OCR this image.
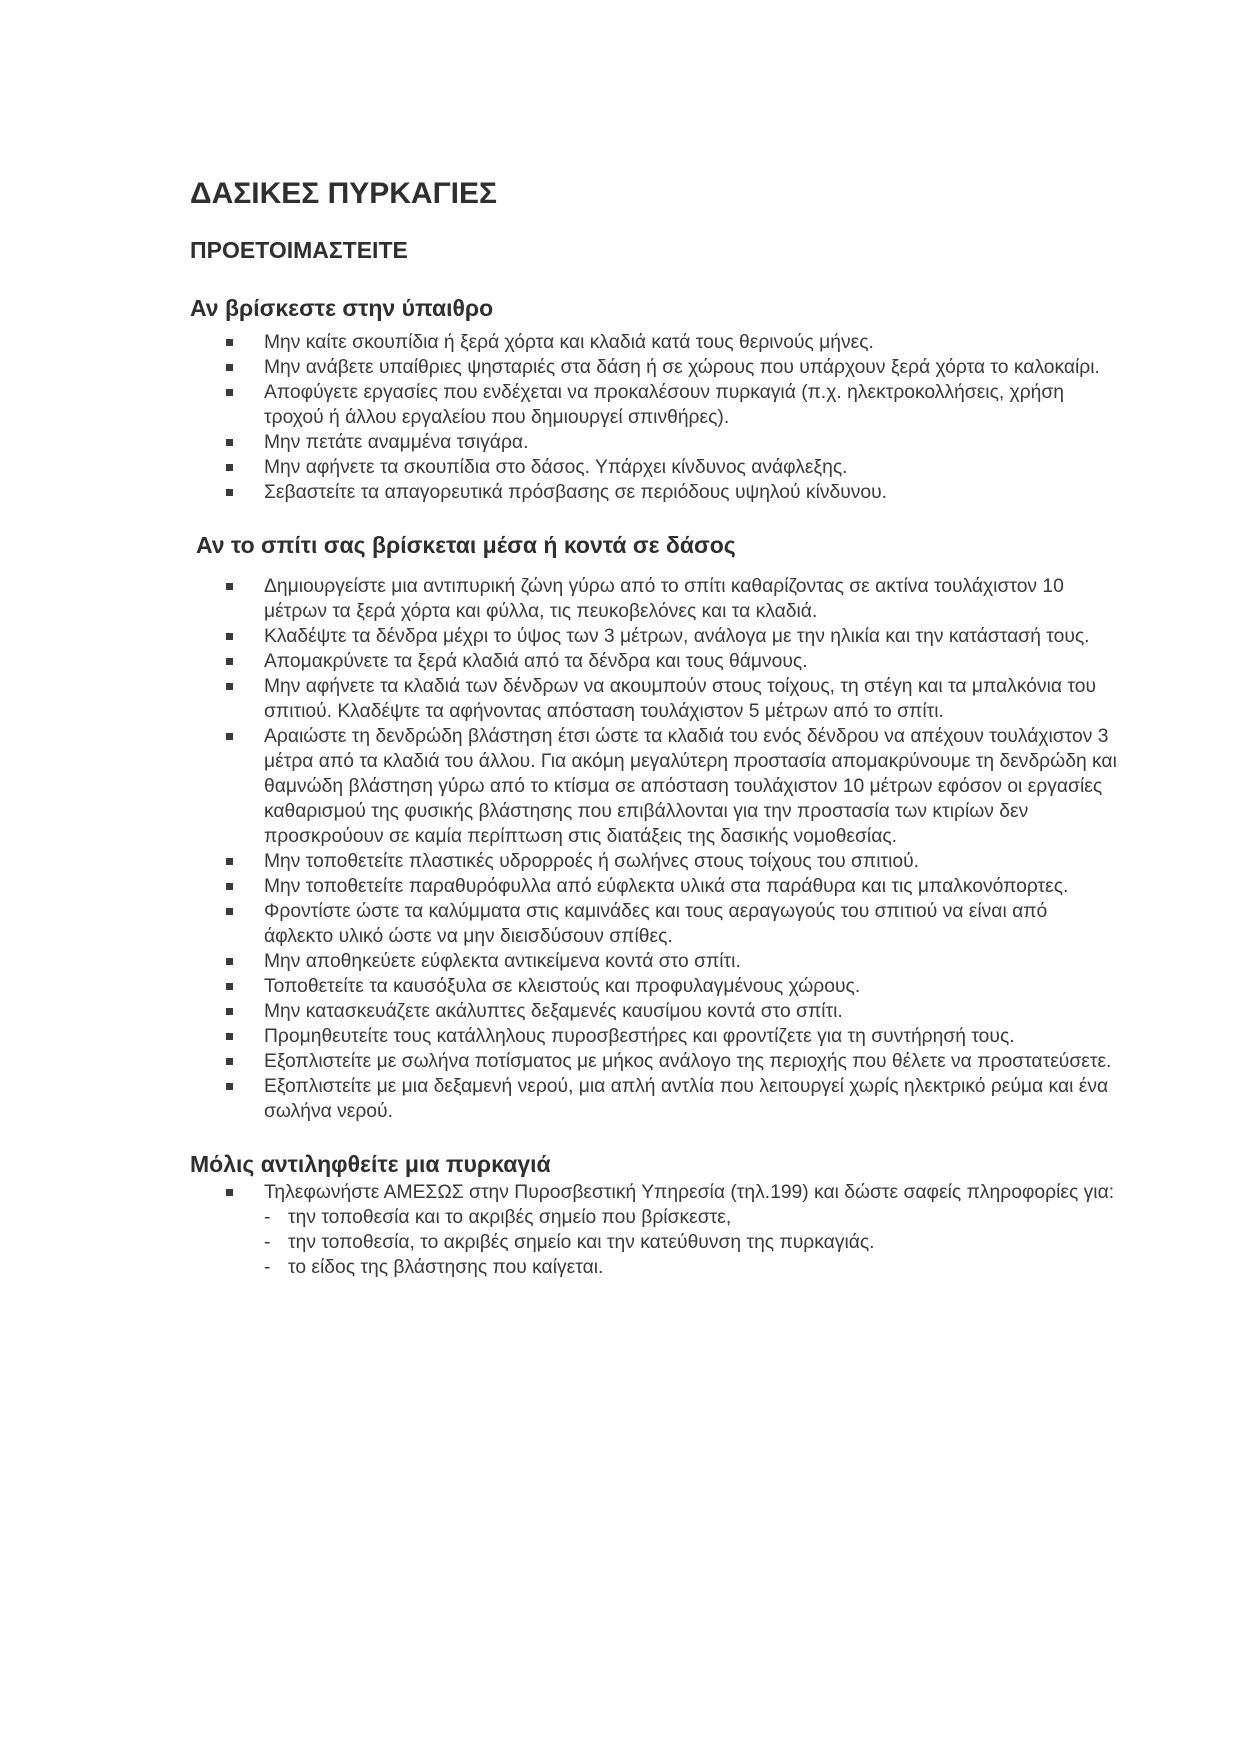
ΔΑΣΙΚΕΣ ΠΥΡΚΑΓΙΕΣ
ΠΡΟΕΤΟΙΜΑΣΤΕΙΤΕ
Αν βρίσκεστε στην ύπαιθρο
Μην καίτε σκουπίδια ή ξερά χόρτα και κλαδιά κατά τους θερινούς μήνες.
Μην ανάβετε υπαίθριες ψησταριές στα δάση ή σε χώρους που υπάρχουν ξερά χόρτα το καλοκαίρι.
Αποφύγετε εργασίες που ενδέχεται να προκαλέσουν πυρκαγιά (π.χ. ηλεκτροκολλήσεις, χρήση τροχού ή άλλου εργαλείου που δημιουργεί σπινθήρες).
Μην πετάτε αναμμένα τσιγάρα.
Μην αφήνετε τα σκουπίδια στο δάσος. Υπάρχει κίνδυνος ανάφλεξης.
Σεβαστείτε τα απαγορευτικά πρόσβασης σε περιόδους υψηλού κίνδυνου.
Αν το σπίτι σας βρίσκεται μέσα ή κοντά σε δάσος
Δημιουργείστε μια αντιπυρική ζώνη γύρω από το σπίτι καθαρίζοντας σε ακτίνα τουλάχιστον 10 μέτρων τα ξερά χόρτα και φύλλα, τις πευκοβελόνες και τα κλαδιά.
Κλαδέψτε τα δένδρα μέχρι το ύψος των 3 μέτρων, ανάλογα με την ηλικία και την κατάστασή τους.
Απομακρύνετε τα ξερά κλαδιά από τα δένδρα και τους θάμνους.
Μην αφήνετε τα κλαδιά των δένδρων να ακουμπούν στους τοίχους, τη στέγη και τα μπαλκόνια του σπιτιού. Κλαδέψτε τα αφήνοντας απόσταση τουλάχιστον 5 μέτρων από το σπίτι.
Αραιώστε τη δενδρώδη βλάστηση έτσι ώστε τα κλαδιά του ενός δένδρου να απέχουν τουλάχιστον 3 μέτρα από τα κλαδιά του άλλου. Για ακόμη μεγαλύτερη προστασία απομακρύνουμε τη δενδρώδη και θαμνώδη βλάστηση γύρω από το κτίσμα σε απόσταση τουλάχιστον 10 μέτρων εφόσον οι εργασίες καθαρισμού της φυσικής βλάστησης που επιβάλλονται για την προστασία των κτιρίων δεν προσκρούουν σε καμία περίπτωση στις διατάξεις της δασικής νομοθεσίας.
Μην τοποθετείτε πλαστικές υδρορροές ή σωλήνες στους τοίχους του σπιτιού.
Μην τοποθετείτε παραθυρόφυλλα από εύφλεκτα υλικά στα παράθυρα και τις μπαλκονόπορτες.
Φροντίστε ώστε τα καλύμματα στις καμινάδες και τους αεραγωγούς του σπιτιού να είναι από άφλεκτο υλικό ώστε να μην διεισδύσουν σπίθες.
Μην αποθηκεύετε εύφλεκτα αντικείμενα κοντά στο σπίτι.
Τοποθετείτε τα καυσόξυλα σε κλειστούς και προφυλαγμένους χώρους.
Μην κατασκευάζετε ακάλυπτες δεξαμενές καυσίμου κοντά στο σπίτι.
Προμηθευτείτε τους κατάλληλους πυροσβεστήρες και φροντίζετε για τη συντήρησή τους.
Εξοπλιστείτε με σωλήνα ποτίσματος με μήκος ανάλογο της περιοχής που θέλετε να προστατεύσετε.
Εξοπλιστείτε με μια δεξαμενή νερού, μια απλή αντλία που λειτουργεί χωρίς ηλεκτρικό ρεύμα και ένα σωλήνα νερού.
Μόλις αντιληφθείτε μια πυρκαγιά
Τηλεφωνήστε ΑΜΕΣΩΣ στην Πυροσβεστική Υπηρεσία (τηλ.199) και δώστε σαφείς πληροφορίες για:
- την τοποθεσία και το ακριβές σημείο που βρίσκεστε,
- την τοποθεσία, το ακριβές σημείο και την κατεύθυνση της πυρκαγιάς.
- το είδος της βλάστησης που καίγεται.
